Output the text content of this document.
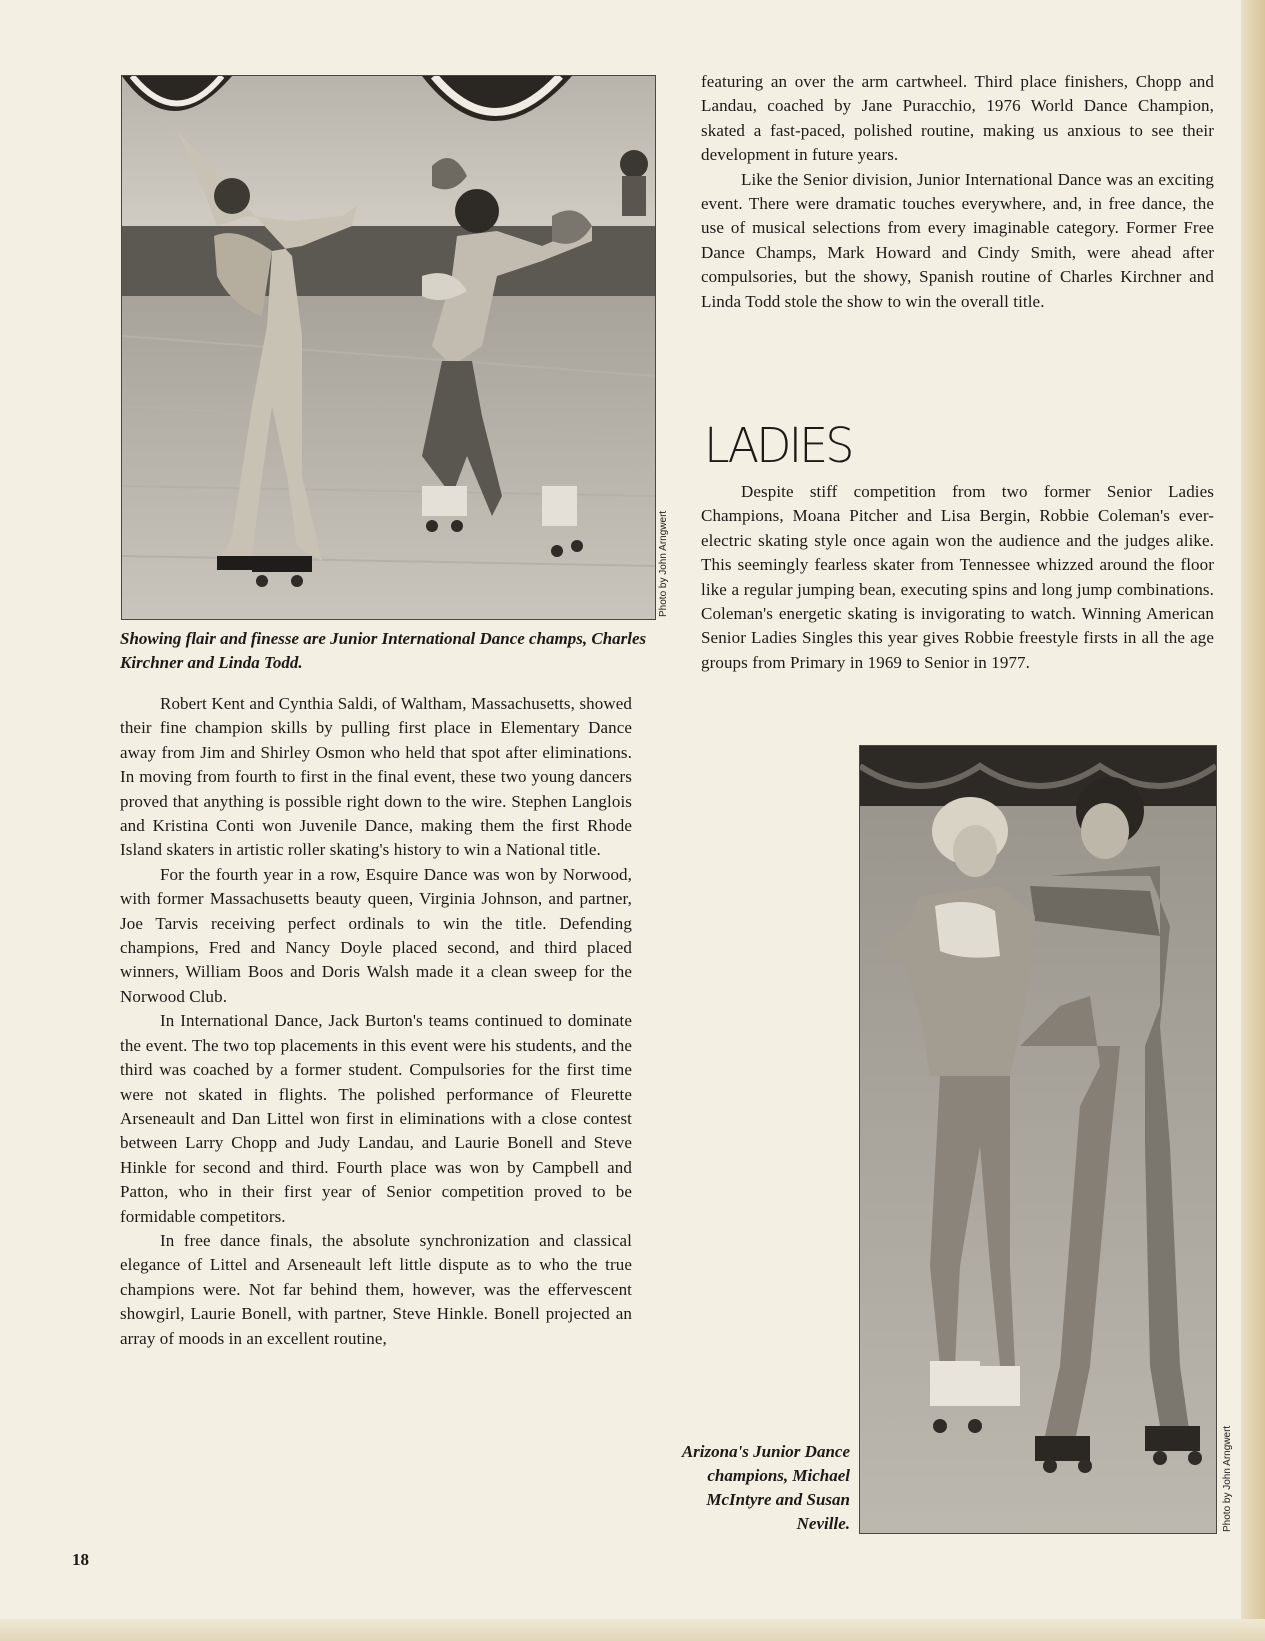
Photo by John Arngwert
Showing flair and finesse are Junior International Dance champs, Charles Kirchner and Linda Todd.

featuring an over the arm cartwheel. Third place finishers, Chopp and Landau, coached by Jane Puracchio, 1976 World Dance Champion, skated a fast-paced, polished routine, making us anxious to see their development in future years.

Like the Senior division, Junior International Dance was an exciting event. There were dramatic touches everywhere, and, in free dance, the use of musical selections from every imaginable category. Former Free Dance Champs, Mark Howard and Cindy Smith, were ahead after compulsories, but the showy, Spanish routine of Charles Kirchner and Linda Todd stole the show to win the overall title.

LADIES

Despite stiff competition from two former Senior Ladies Champions, Moana Pitcher and Lisa Bergin, Robbie Coleman's ever-electric skating style once again won the audience and the judges alike. This seemingly fearless skater from Tennessee whizzed around the floor like a regular jumping bean, executing spins and long jump combinations. Coleman's energetic skating is invigorating to watch. Winning American Senior Ladies Singles this year gives Robbie freestyle firsts in all the age groups from Primary in 1969 to Senior in 1977.

Robert Kent and Cynthia Saldi, of Waltham, Massachusetts, showed their fine champion skills by pulling first place in Elementary Dance away from Jim and Shirley Osmon who held that spot after eliminations. In moving from fourth to first in the final event, these two young dancers proved that anything is possible right down to the wire. Stephen Langlois and Kristina Conti won Juvenile Dance, making them the first Rhode Island skaters in artistic roller skating's history to win a National title.

For the fourth year in a row, Esquire Dance was won by Norwood, with former Massachusetts beauty queen, Virginia Johnson, and partner, Joe Tarvis receiving perfect ordinals to win the title. Defending champions, Fred and Nancy Doyle placed second, and third placed winners, William Boos and Doris Walsh made it a clean sweep for the Norwood Club.

In International Dance, Jack Burton's teams continued to dominate the event. The two top placements in this event were his students, and the third was coached by a former student. Compulsories for the first time were not skated in flights. The polished performance of Fleurette Arseneault and Dan Littel won first in eliminations with a close contest between Larry Chopp and Judy Landau, and Laurie Bonell and Steve Hinkle for second and third. Fourth place was won by Campbell and Patton, who in their first year of Senior competition proved to be formidable competitors.

In free dance finals, the absolute synchronization and classical elegance of Littel and Arseneault left little dispute as to who the true champions were. Not far behind them, however, was the effervescent showgirl, Laurie Bonell, with partner, Steve Hinkle. Bonell projected an array of moods in an excellent routine,

Photo by John Arngwert
Arizona's Junior Dance champions, Michael McIntyre and Susan Neville.
18
